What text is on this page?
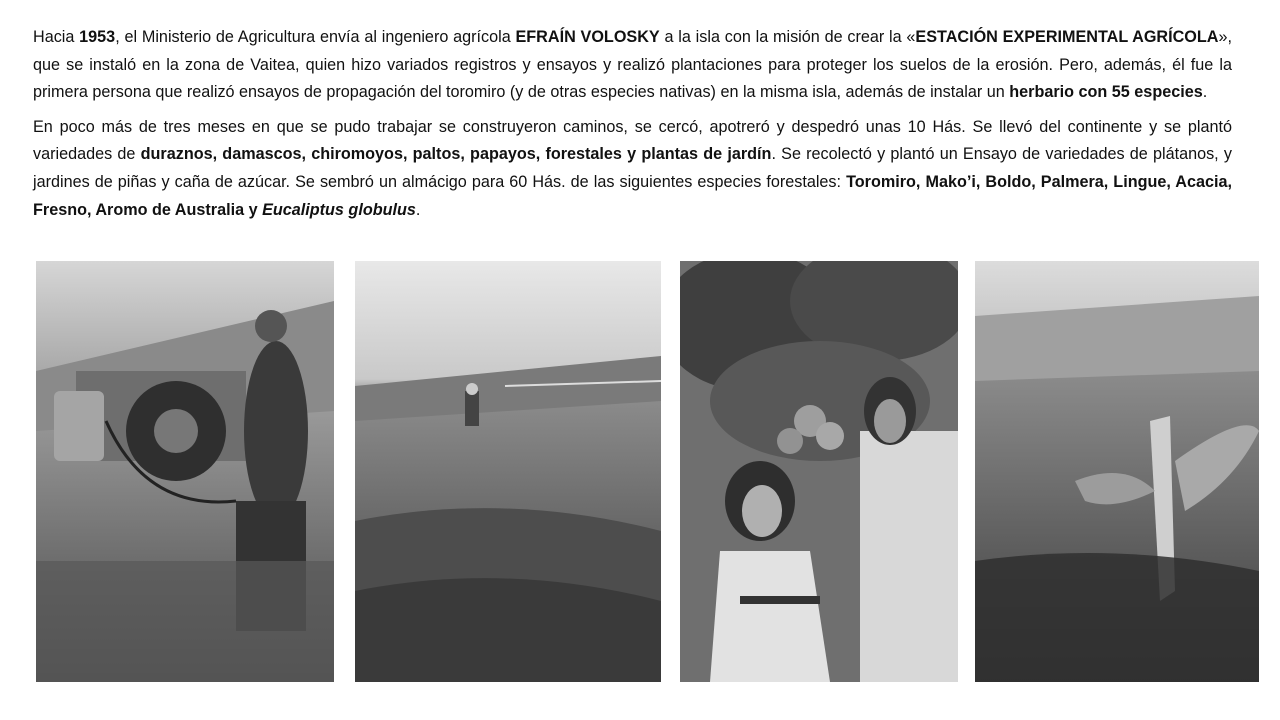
Hacia 1953, el Ministerio de Agricultura envía al ingeniero agrícola EFRAÍN VOLOSKY a la isla con la misión de crear la «ESTACIÓN EXPERIMENTAL AGRÍCOLA», que se instaló en la zona de Vaitea, quien hizo variados registros y ensayos y realizó plantaciones para proteger los suelos de la erosión. Pero, además, él fue la primera persona que realizó ensayos de propagación del toromiro (y de otras especies nativas) en la misma isla, además de instalar un herbario con 55 especies.

En poco más de tres meses en que se pudo trabajar se construyeron caminos, se cercó, apotreró y despedró unas 10 Hás. Se llevó del continente y se plantó variedades de duraznos, damascos, chiromoyos, paltos, papayos, forestales y plantas de jardín. Se recolectó y plantó un Ensayo de variedades de plátanos, y jardines de piñas y caña de azúcar. Se sembró un almácigo para 60 Hás. de las siguientes especies forestales: Toromiro, Mako’i, Boldo, Palmera, Lingue, Acacia, Fresno, Aromo de Australia y Eucaliptus globulus.
